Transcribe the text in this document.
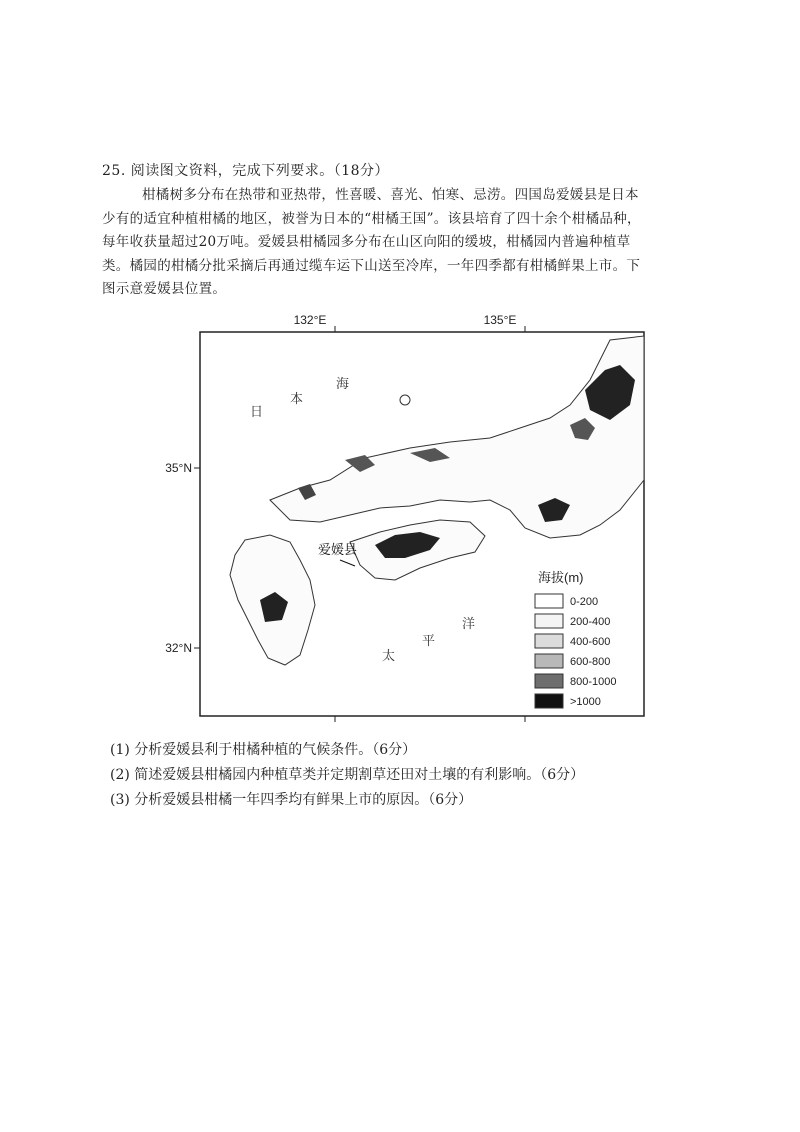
25. 阅读图文资料，完成下列要求。（18分）
柑橘树多分布在热带和亚热带，性喜暖、喜光、怕寒、忌涝。四国岛爱媛县是日本
少有的适宜种植柑橘的地区，被誉为日本的“柑橘王国”。该县培育了四十余个柑橘品种，
每年收获量超过20万吨。爱媛县柑橘园多分布在山区向阳的缓坡，柑橘园内普遍种植草
类。橘园的柑橘分批采摘后再通过缆车运下山送至冷库，一年四季都有柑橘鲜果上市。下
图示意爱媛县位置。
132°E	135°E
35°N
32°N
日
本
海
太
平
洋
爱媛县
海拔(m)
0-200
200-400
400-600
600-800
800-1000
>1000
(1) 分析爱媛县利于柑橘种植的气候条件。（6分）
(2) 简述爱媛县柑橘园内种植草类并定期割草还田对土壤的有利影响。（6分）
(3) 分析爱媛县柑橘一年四季均有鲜果上市的原因。（6分）
